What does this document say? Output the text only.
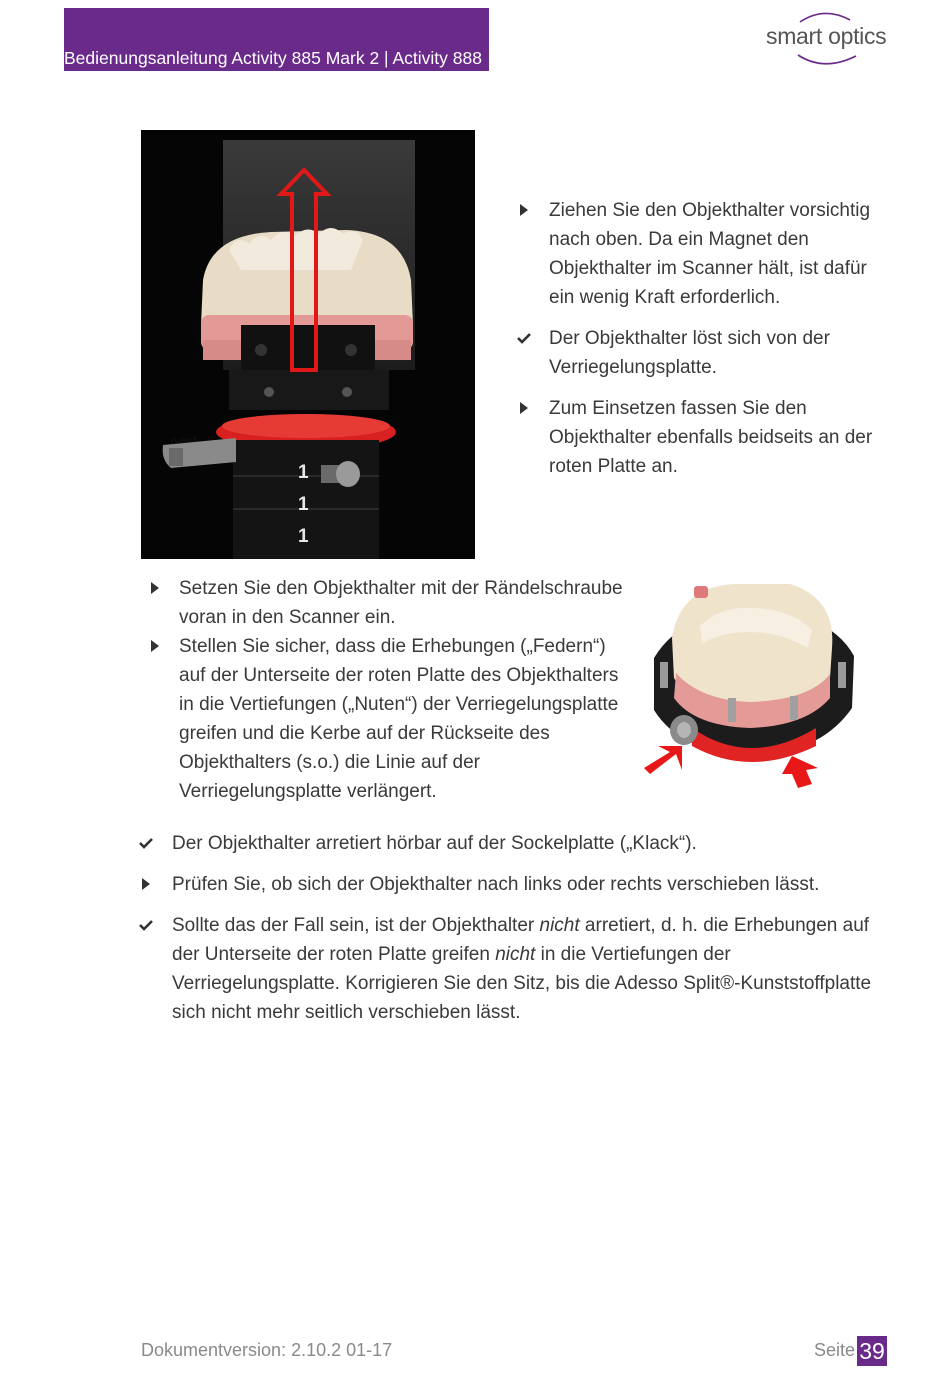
Bedienungsanleitung Activity 885 Mark 2 | Activity 888
smart optics
Unlock
1
1
1
Ziehen Sie den Objekthalter vorsichtig nach oben. Da ein Magnet den Objekthalter im Scanner hält, ist dafür ein wenig Kraft erforderlich.
Der Objekthalter löst sich von der Verriegelungsplatte.
Zum Einsetzen fassen Sie den Objekthalter ebenfalls beidseits an der roten Platte an.
Setzen Sie den Objekthalter mit der Rändelschraube voran in den Scanner ein.
Stellen Sie sicher, dass die Erhebungen („Federn“) auf der Unterseite der roten Platte des Objekthalters in die Vertiefungen („Nuten“) der Verriegelungsplatte greifen und die Kerbe auf der Rückseite des Objekthalters (s.o.) die Linie auf der Verriegelungsplatte verlängert.
Der Objekthalter arretiert hörbar auf der Sockelplatte („Klack“).
Prüfen Sie, ob sich der Objekthalter nach links oder rechts verschieben lässt.
Sollte das der Fall sein, ist der Objekthalter nicht arretiert, d. h. die Erhebungen auf der Unterseite der roten Platte greifen nicht in die Vertiefungen der Verriegelungsplatte. Korrigieren Sie den Sitz, bis die Adesso Split®-Kunststoffplatte sich nicht mehr seitlich verschieben lässt.
Dokumentversion: 2.10.2 01-17	Seite 39
